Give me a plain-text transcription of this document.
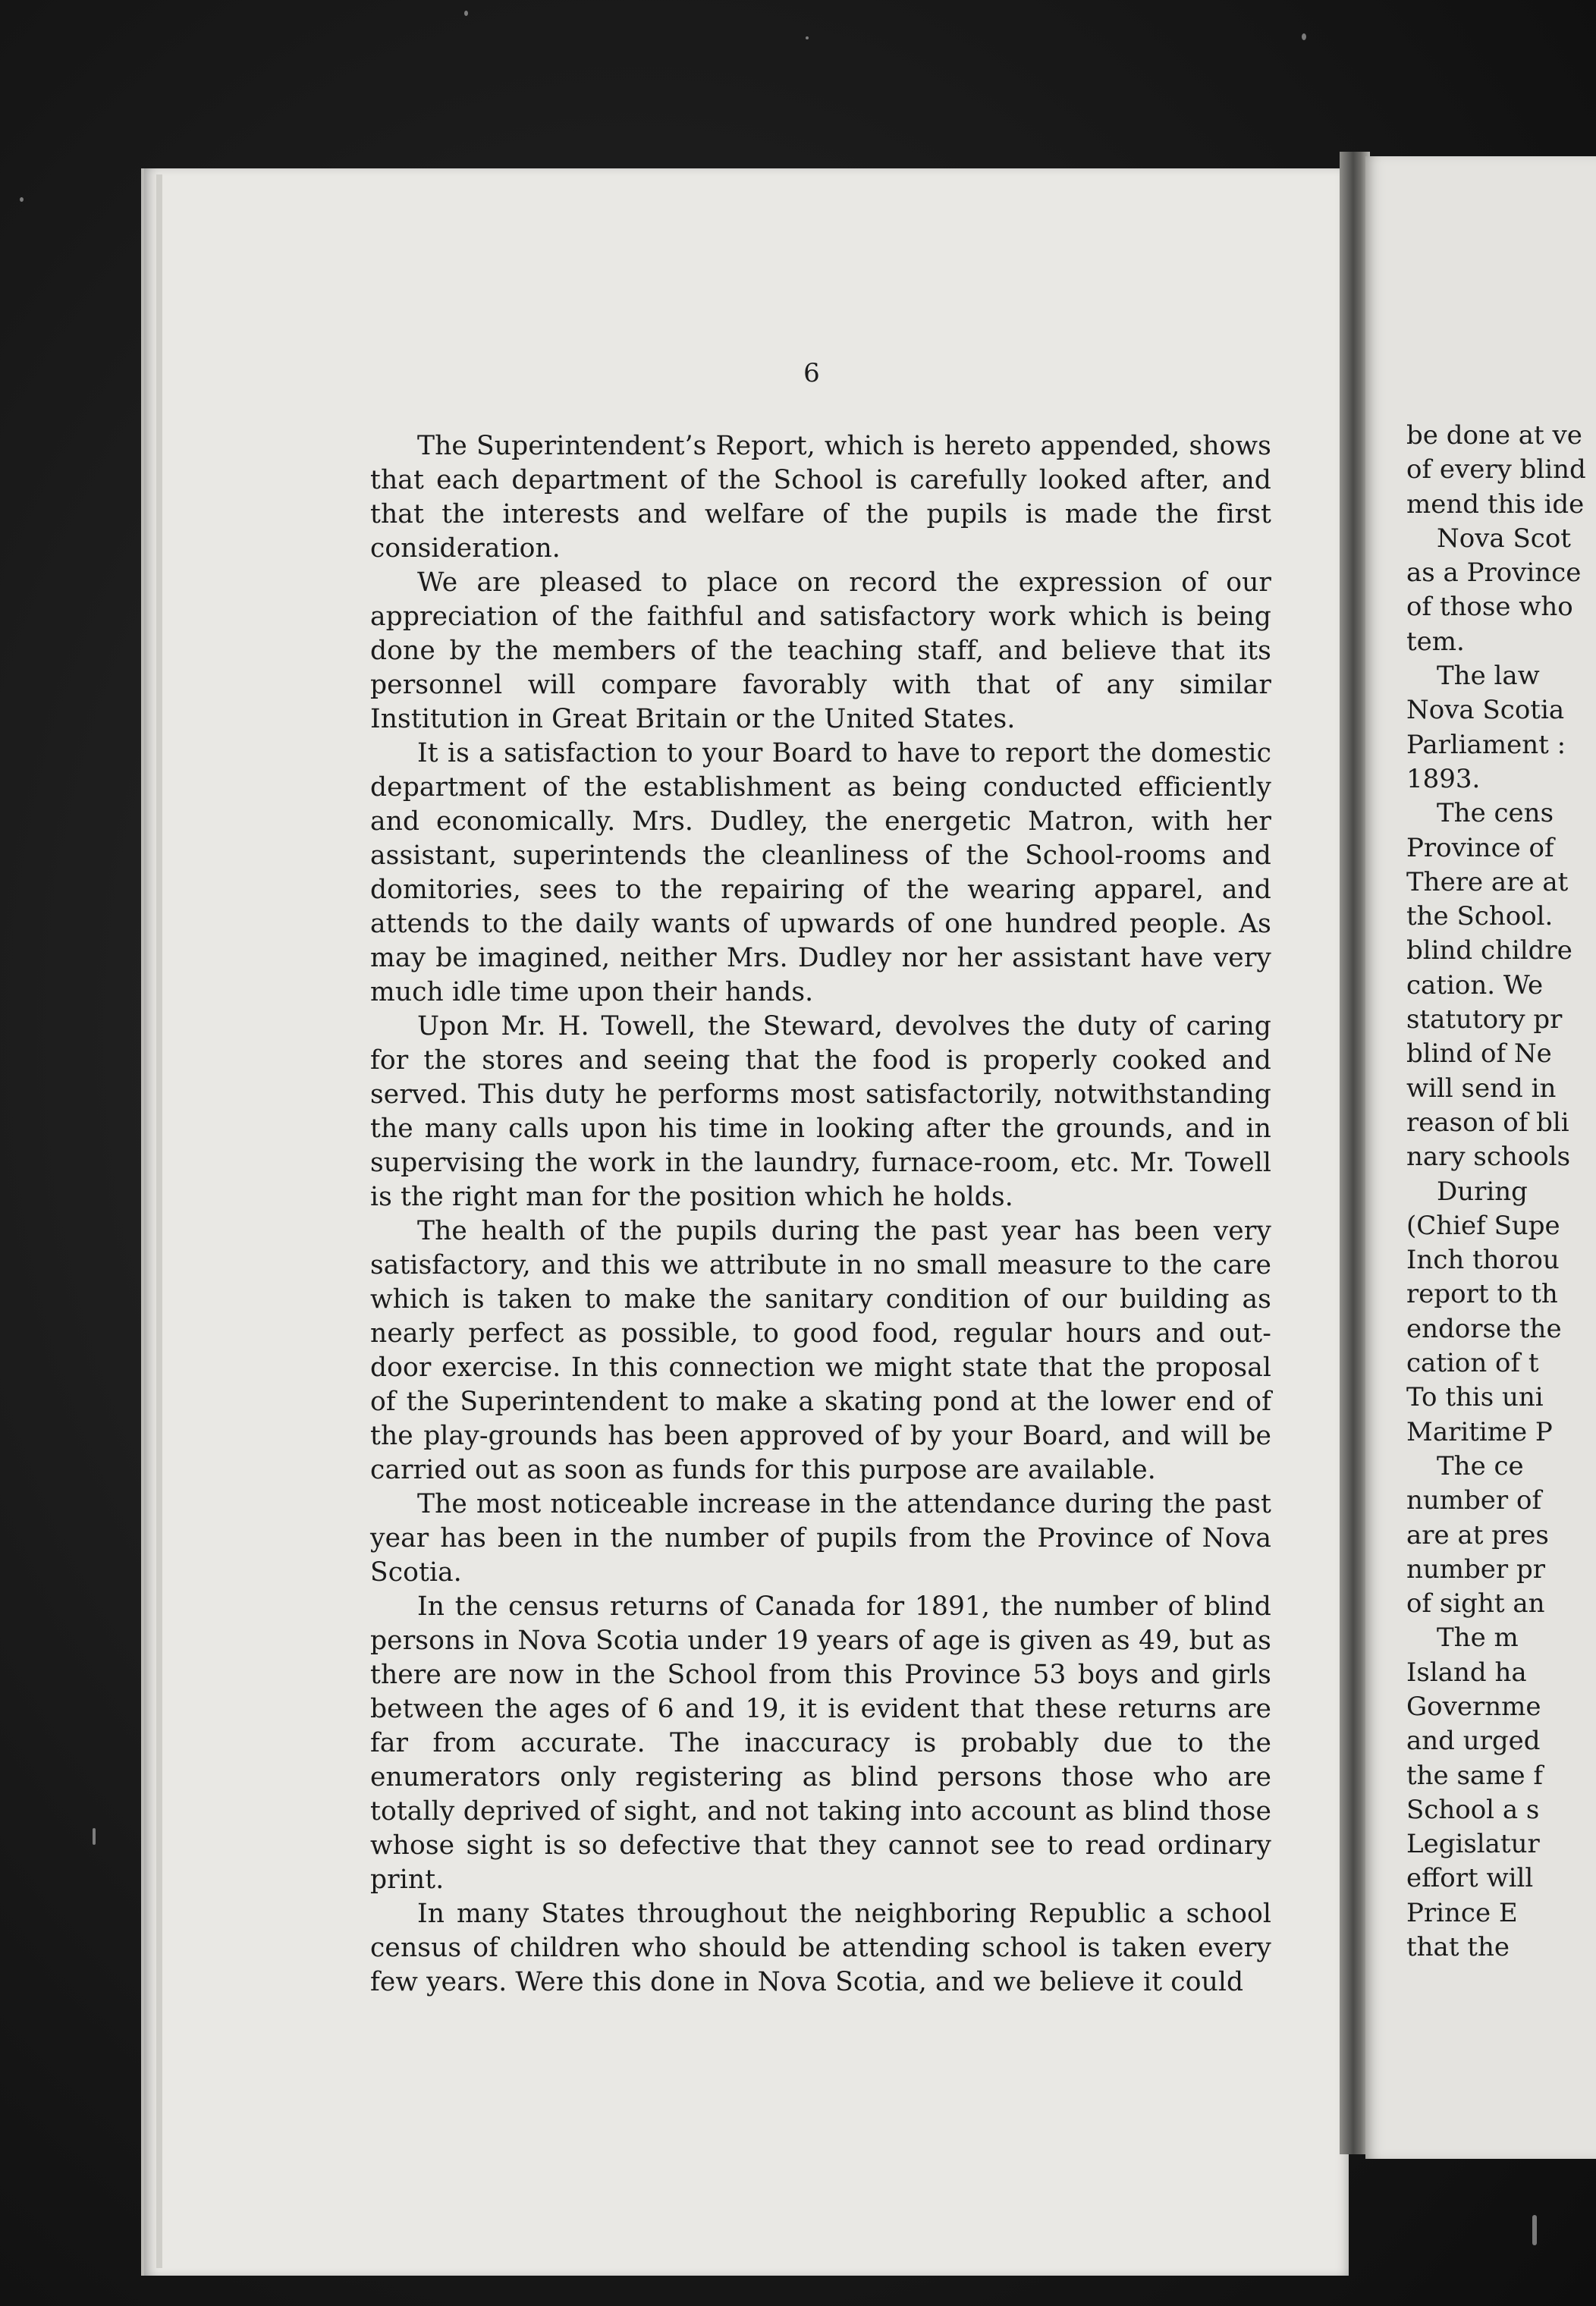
be done at ve
of every blind
mend this ide
Nova Scot
as a Province
of those who
tem.
The law
Nova Scotia
Parliament :
1893.
The cens
Province of
There are at
the School.
blind childre
cation. We
statutory pr
blind of Ne
will send in
reason of bli
nary schools
During
(Chief Supe
Inch thorou
report to th
endorse the
cation of t
To this uni
Maritime P
The ce
number of
are at pres
number pr
of sight an
The m
Island ha
Governme
and urged
the same f
School a s
Legislatur
effort will
Prince E
that the
6

The Superintendent’s Report, which is hereto appended, shows that each department of the School is carefully looked after, and that the interests and welfare of the pupils is made the first consideration.

We are pleased to place on record the expression of our appreciation of the faithful and satisfactory work which is being done by the members of the teaching staff, and believe that its personnel will compare favorably with that of any similar Institution in Great Britain or the United States.

It is a satisfaction to your Board to have to report the domestic department of the establishment as being conducted efficiently and economically. Mrs. Dudley, the energetic Matron, with her assistant, superintends the cleanliness of the School-rooms and domitories, sees to the repairing of the wearing apparel, and attends to the daily wants of upwards of one hundred people. As may be imagined, neither Mrs. Dudley nor her assistant have very much idle time upon their hands.

Upon Mr. H. Towell, the Steward, devolves the duty of caring for the stores and seeing that the food is properly cooked and served. This duty he performs most satisfactorily, notwithstanding the many calls upon his time in looking after the grounds, and in supervising the work in the laundry, furnace-room, etc. Mr. Towell is the right man for the position which he holds.

The health of the pupils during the past year has been very satisfactory, and this we attribute in no small measure to the care which is taken to make the sanitary condition of our building as nearly perfect as possible, to good food, regular hours and out-door exercise. In this connection we might state that the proposal of the Superintendent to make a skating pond at the lower end of the play-grounds has been approved of by your Board, and will be carried out as soon as funds for this purpose are available.

The most noticeable increase in the attendance during the past year has been in the number of pupils from the Province of Nova Scotia.

In the census returns of Canada for 1891, the number of blind persons in Nova Scotia under 19 years of age is given as 49, but as there are now in the School from this Province 53 boys and girls between the ages of 6 and 19, it is evident that these returns are far from accurate. The inaccuracy is probably due to the enumerators only registering as blind persons those who are totally deprived of sight, and not taking into account as blind those whose sight is so defective that they cannot see to read ordinary print.

In many States throughout the neighboring Republic a school census of children who should be attending school is taken every few years. Were this done in Nova Scotia, and we believe it could
